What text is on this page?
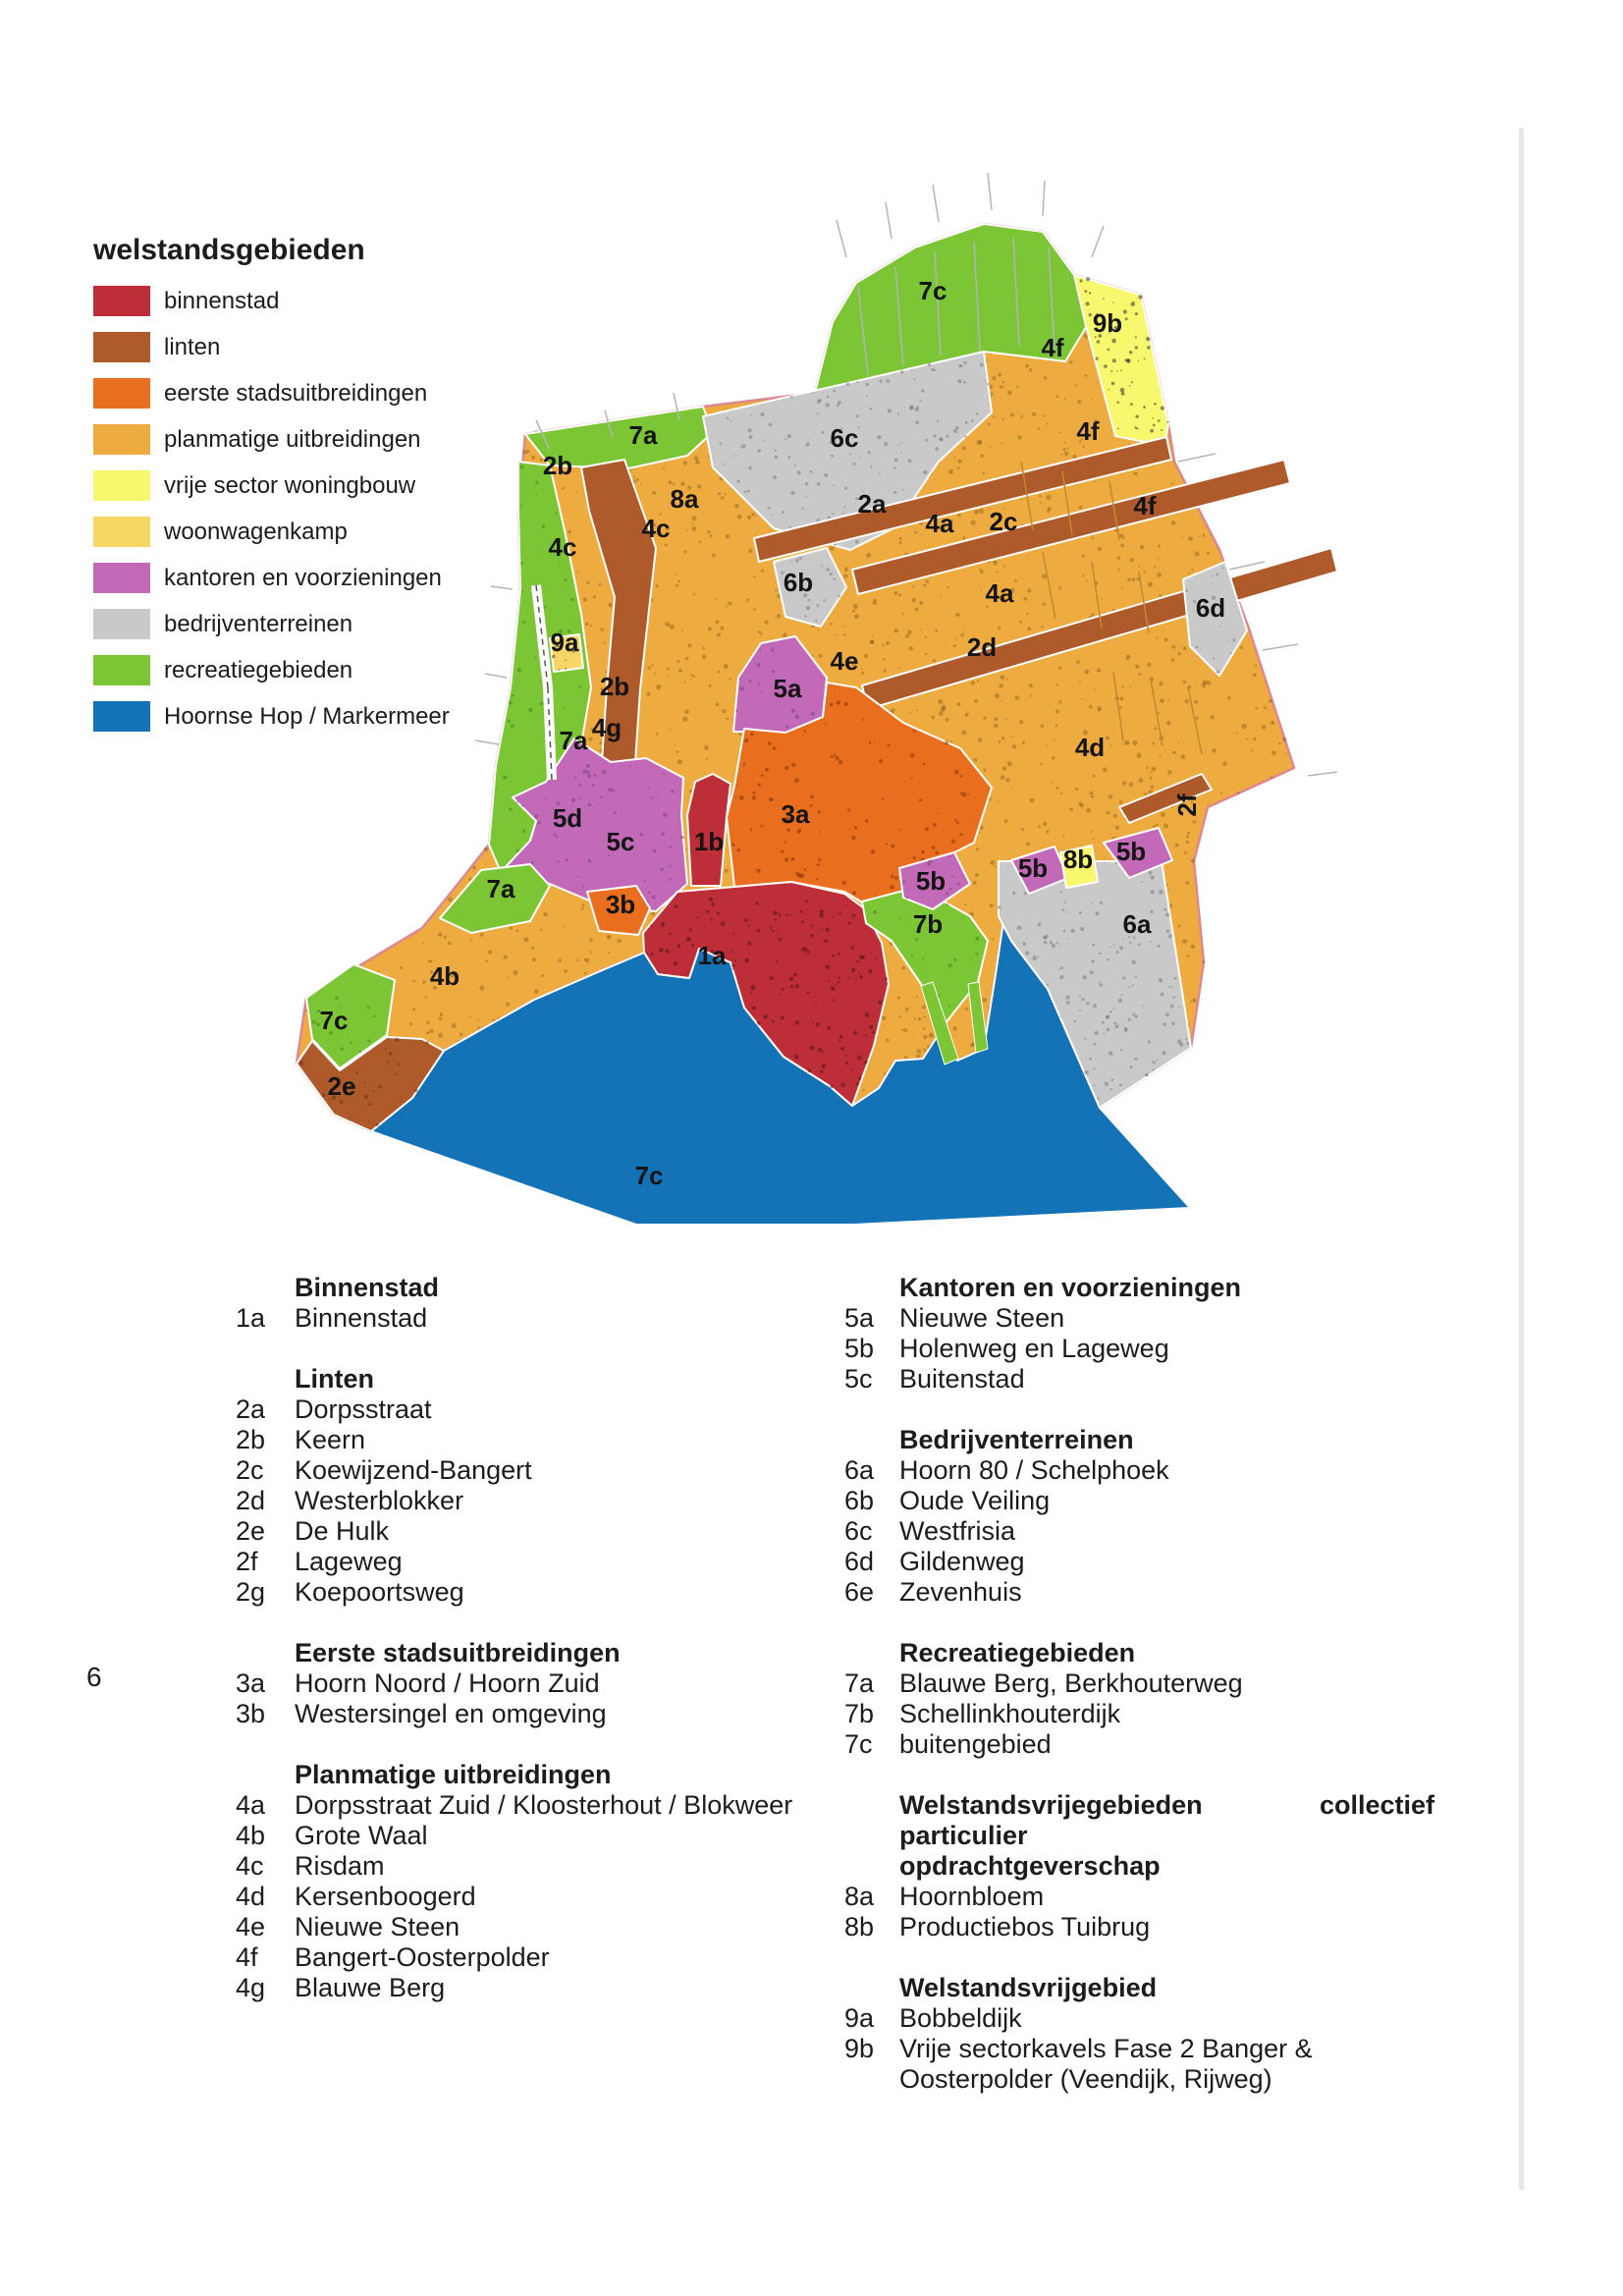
welstandsgebieden
binnenstad
linten
eerste stadsuitbreidingen
planmatige uitbreidingen
vrije sector woningbouw
woonwagenkamp
kantoren en voorzieningen
bedrijventerreinen
recreatiegebieden
Hoornse Hop / Markermeer
7c
9b
4f
7a	6c	4f
2b
8a	2a
4a 2c
4c
4c
4f
6b	4a	6d
9a	2d
4e
5a
2b
4g
7a	4d
2f
5d
5c 1b
3a
5b	5b
5b
8b
3b
7a
7b
1a
4b
6a
7c
2e
7c
6
Binnenstad
1a	Binnenstad
Linten
2a	Dorpsstraat
2b	Keern
2c	Koewijzend-Bangert
2d	Westerblokker
2e	De Hulk
2f	Lageweg
2g	Koepoortsweg
Eerste stadsuitbreidingen
3a	Hoorn Noord / Hoorn Zuid
3b	Westersingel en omgeving
Planmatige uitbreidingen
4a	Dorpsstraat Zuid / Kloosterhout / Blokweer
4b	Grote Waal
4c	Risdam
4d	Kersenboogerd
4e	Nieuwe Steen
4f	Bangert-Oosterpolder
4g	Blauwe Berg
Kantoren en voorzieningen
5a Nieuwe Steen
5b Holenweg en Lageweg
5c	Buitenstad
Bedrijventerreinen
6a Hoorn 80 / Schelphoek
6b Oude Veiling
6c	Westfrisia
6d Gildenweg
6e Zevenhuis
Recreatiegebieden
7a Blauwe Berg, Berkhouterweg
7b Schellinkhouterdijk
7c	buitengebied
Welstandsvrijegebieden collectief particulier
opdrachtgeverschap
8a Hoornbloem
8b Productiebos Tuibrug
Welstandsvrijgebied
9a Bobbeldijk
9b Vrije sectorkavels Fase 2 Banger & Oosterpolder (Veendijk, Rijweg)
